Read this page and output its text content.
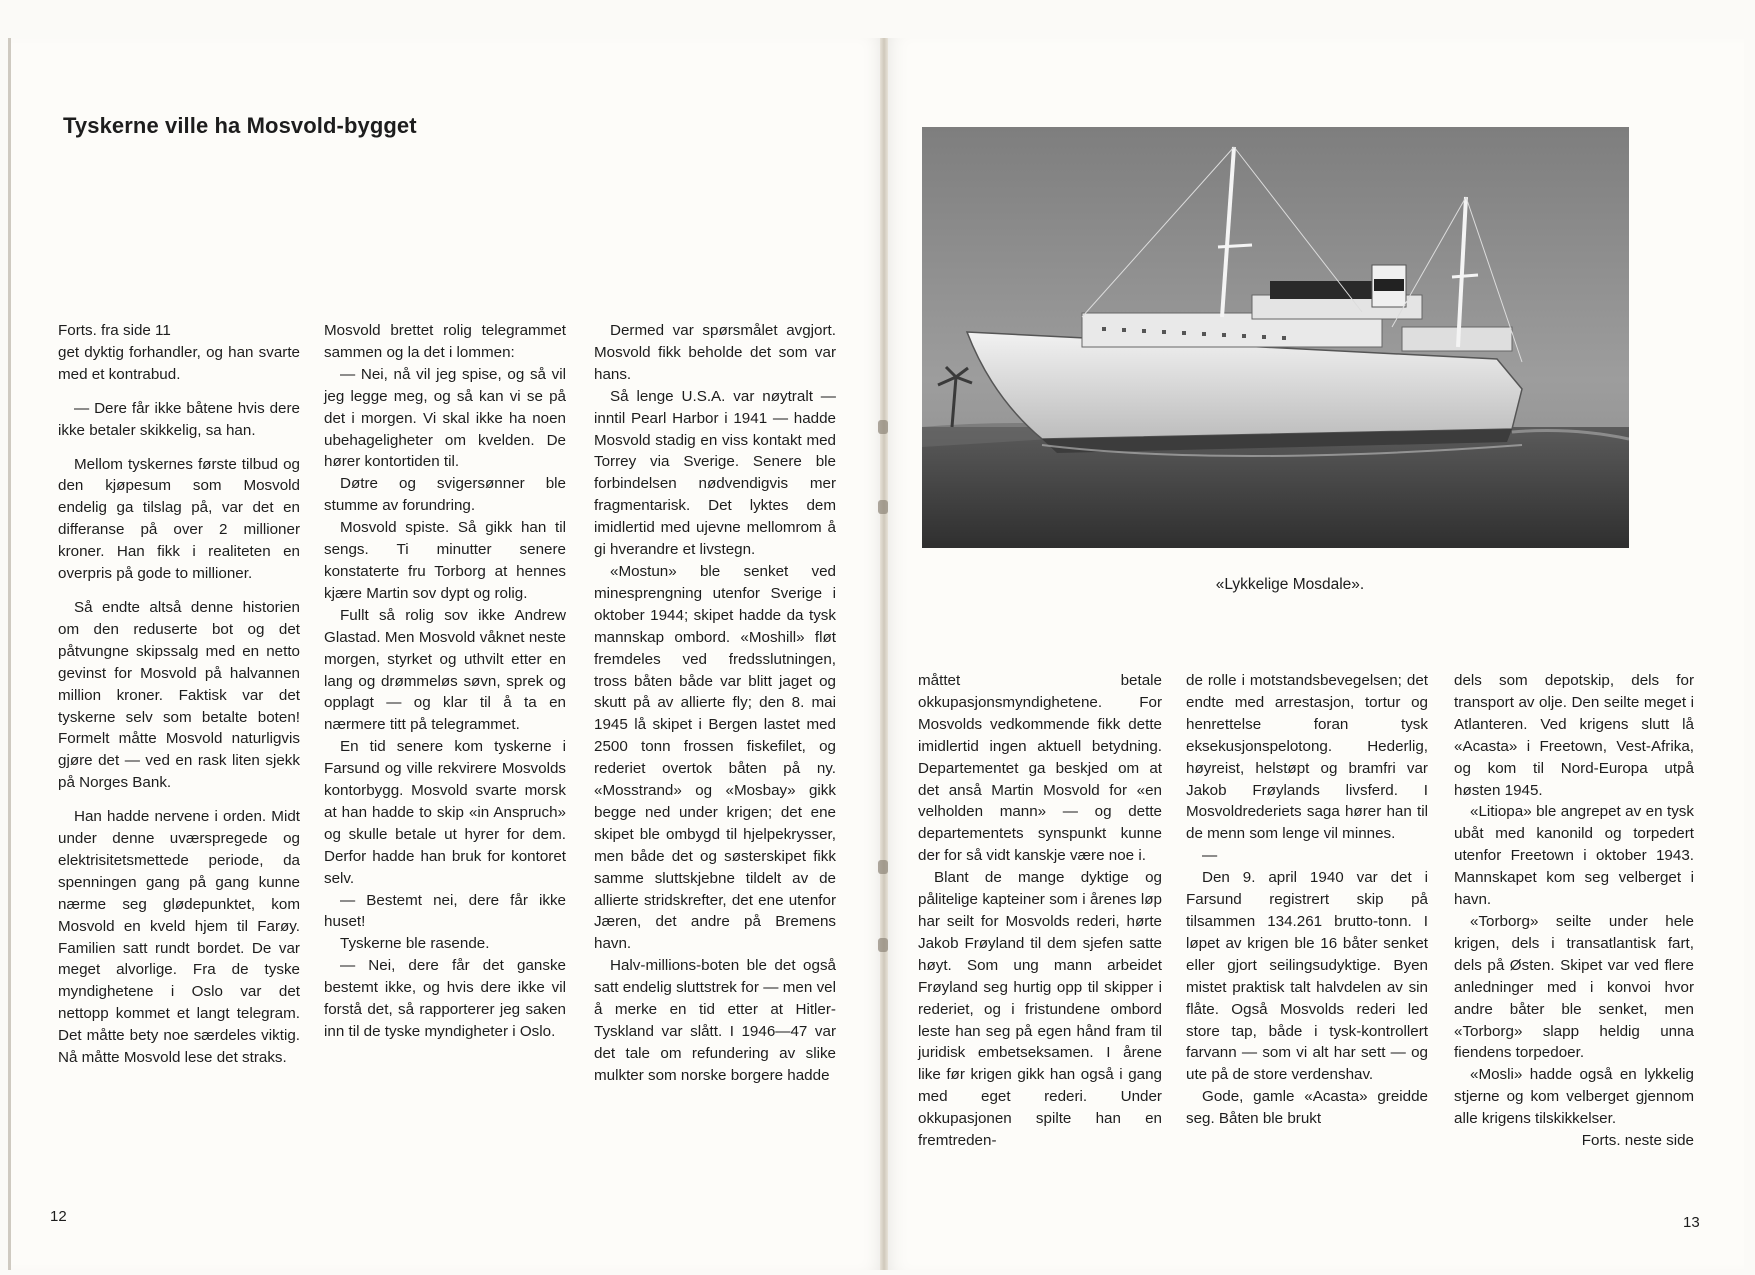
Tyskerne ville ha Mosvold-bygget

Forts. fra side 11

get dyktig forhandler, og han svarte med et kontrabud.

— Dere får ikke båtene hvis dere ikke betaler skikkelig, sa han.

Mellom tyskernes første tilbud og den kjøpesum som Mosvold endelig ga tilslag på, var det en differanse på over 2 millioner kroner. Han fikk i realiteten en overpris på gode to millioner.

Så endte altså denne historien om den reduserte bot og det påtvungne skipssalg med en netto gevinst for Mosvold på halvannen million kroner. Faktisk var det tyskerne selv som betalte boten! Formelt måtte Mosvold naturligvis gjøre det — ved en rask liten sjekk på Norges Bank.

Han hadde nervene i orden. Midt under denne uværspregede og elektrisitetsmettede periode, da spenningen gang på gang kunne nærme seg glødepunktet, kom Mosvold en kveld hjem til Farøy. Familien satt rundt bordet. De var meget alvorlige. Fra de tyske myndighetene i Oslo var det nettopp kommet et langt telegram. Det måtte bety noe særdeles viktig. Nå måtte Mosvold lese det straks.

Mosvold brettet rolig telegrammet sammen og la det i lommen:

— Nei, nå vil jeg spise, og så vil jeg legge meg, og så kan vi se på det i morgen. Vi skal ikke ha noen ubehageligheter om kvelden. De hører kontortiden til.

Døtre og svigersønner ble stumme av forundring.

Mosvold spiste. Så gikk han til sengs. Ti minutter senere konstaterte fru Torborg at hennes kjære Martin sov dypt og rolig.

Fullt så rolig sov ikke Andrew Glastad. Men Mosvold våknet neste morgen, styrket og uthvilt etter en lang og drømmeløs søvn, sprek og opplagt — og klar til å ta en nærmere titt på telegrammet.

En tid senere kom tyskerne i Farsund og ville rekvirere Mosvolds kontorbygg. Mosvold svarte morsk at han hadde to skip «in Anspruch» og skulle betale ut hyrer for dem. Derfor hadde han bruk for kontoret selv.

— Bestemt nei, dere får ikke huset!

Tyskerne ble rasende.

— Nei, dere får det ganske bestemt ikke, og hvis dere ikke vil forstå det, så rapporterer jeg saken inn til de tyske myndigheter i Oslo.

Dermed var spørsmålet avgjort. Mosvold fikk beholde det som var hans.

Så lenge U.S.A. var nøytralt — inntil Pearl Harbor i 1941 — hadde Mosvold stadig en viss kontakt med Torrey via Sverige. Senere ble forbindelsen nødvendigvis mer fragmentarisk. Det lyktes dem imidlertid med ujevne mellomrom å gi hverandre et livstegn.

«Mostun» ble senket ved minesprengning utenfor Sverige i oktober 1944; skipet hadde da tysk mannskap ombord. «Moshill» fløt fremdeles ved fredsslutningen, tross båten både var blitt jaget og skutt på av allierte fly; den 8. mai 1945 lå skipet i Bergen lastet med 2500 tonn frossen fiskefilet, og rederiet overtok båten på ny. «Mosstrand» og «Mosbay» gikk begge ned under krigen; det ene skipet ble ombygd til hjelpekrysser, men både det og søsterskipet fikk samme sluttskjebne tildelt av de allierte stridskrefter, det ene utenfor Jæren, det andre på Bremens havn.

Halv-millions-boten ble det også satt endelig sluttstrek for — men vel å merke en tid etter at Hitler-Tyskland var slått. I 1946—47 var det tale om refundering av slike mulkter som norske borgere hadde

12
«Lykkelige Mosdale».

måttet betale okkupasjonsmyndighetene. For Mosvolds vedkommende fikk dette imidlertid ingen aktuell betydning. Departementet ga beskjed om at det anså Martin Mosvold for «en velholden mann» — og dette departementets synspunkt kunne der for så vidt kanskje være noe i.

Blant de mange dyktige og pålitelige kapteiner som i årenes løp har seilt for Mosvolds rederi, hørte Jakob Frøyland til dem sjefen satte høyt. Som ung mann arbeidet Frøyland seg hurtig opp til skipper i rederiet, og i fristundene ombord leste han seg på egen hånd fram til juridisk embetseksamen. I årene like før krigen gikk han også i gang med eget rederi. Under okkupasjonen spilte han en fremtreden-

de rolle i motstandsbevegelsen; det endte med arrestasjon, tortur og henrettelse foran tysk eksekusjonspelotong. Hederlig, høyreist, helstøpt og bramfri var Jakob Frøylands livsferd. I Mosvoldrederiets saga hører han til de menn som lenge vil minnes.

—

Den 9. april 1940 var det i Farsund registrert skip på tilsammen 134.261 brutto-tonn. I løpet av krigen ble 16 båter senket eller gjort seilingsudyktige. Byen mistet praktisk talt halvdelen av sin flåte. Også Mosvolds rederi led store tap, både i tysk-kontrollert farvann — som vi alt har sett — og ute på de store verdenshav.

Gode, gamle «Acasta» greidde seg. Båten ble brukt

dels som depotskip, dels for transport av olje. Den seilte meget i Atlanteren. Ved krigens slutt lå «Acasta» i Freetown, Vest-Afrika, og kom til Nord-Europa utpå høsten 1945.

«Litiopa» ble angrepet av en tysk ubåt med kanonild og torpedert utenfor Freetown i oktober 1943. Mannskapet kom seg velberget i havn.

«Torborg» seilte under hele krigen, dels i transatlantisk fart, dels på Østen. Skipet var ved flere anledninger med i konvoi hvor andre båter ble senket, men «Torborg» slapp heldig unna fiendens torpedoer.

«Mosli» hadde også en lykkelig stjerne og kom velberget gjennom alle krigens tilskikkelser.

Forts. neste side

13
